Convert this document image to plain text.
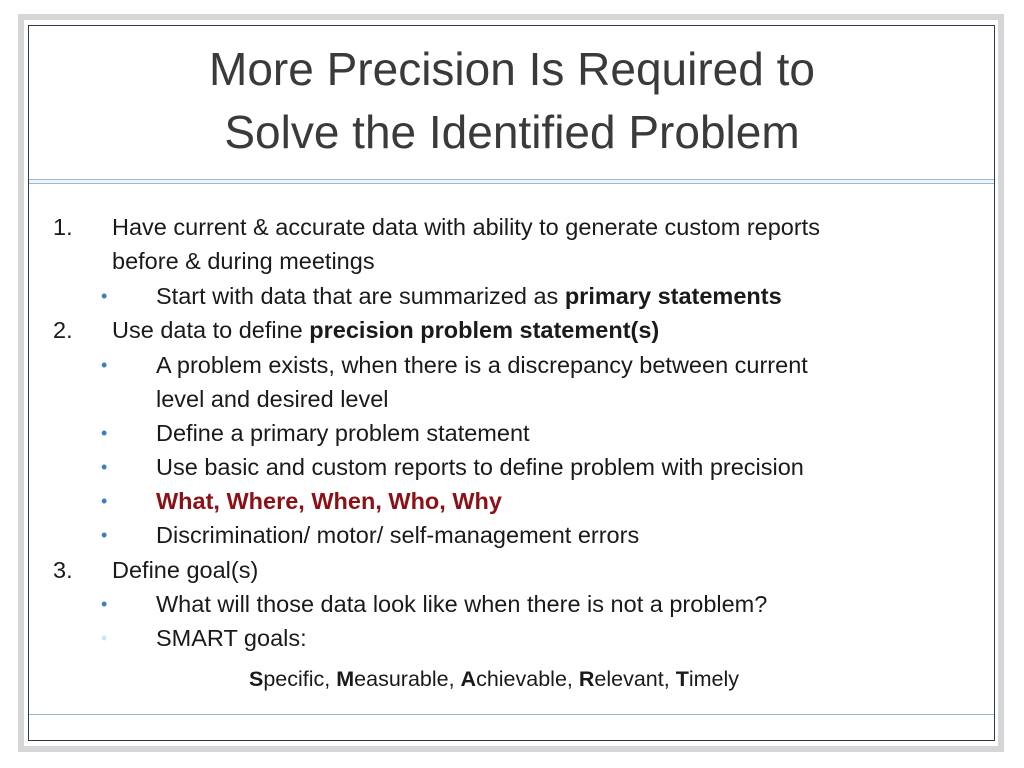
More Precision Is Required to
Solve the Identified Problem
1. Have current & accurate data with ability to generate custom reports
before & during meetings
• Start with data that are summarized as primary statements
2. Use data to define precision problem statement(s)
• A problem exists, when there is a discrepancy between current
level and desired level
• Define a primary problem statement
• Use basic and custom reports to define problem with precision
• What, Where, When, Who, Why
• Discrimination/ motor/ self-management errors
3. Define goal(s)
• What will those data look like when there is not a problem?
• SMART goals:
Specific, Measurable, Achievable, Relevant, Timely
